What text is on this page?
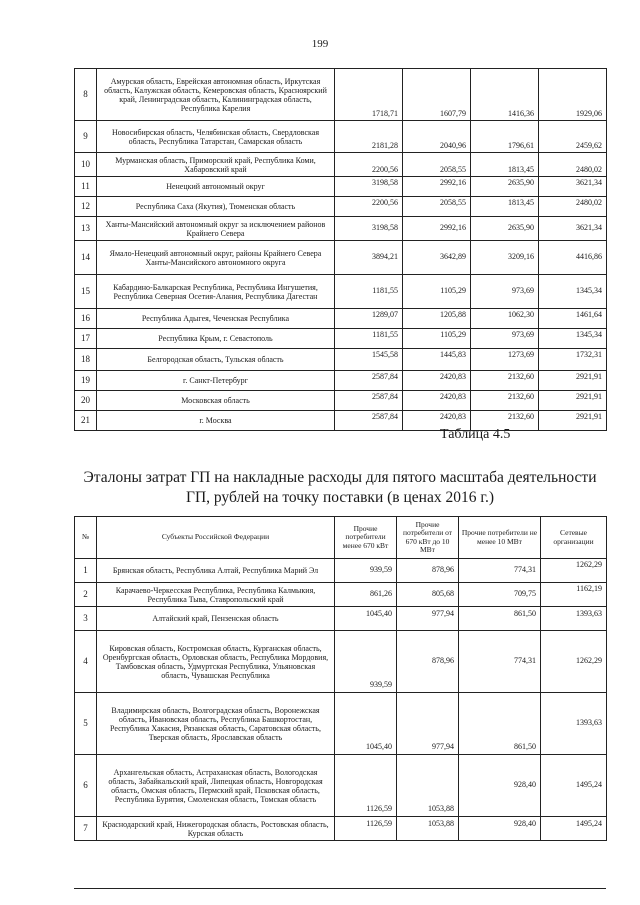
199
8	Амурская область, Еврейская автономная область, Иркутская область, Калужская область, Кемеровская область, Красноярский край, Ленинградская область, Калининградская область, Республика Карелия	1718,71	1607,79	1416,36	1929,06
9	Новосибирская область, Челябинская область, Свердловская область, Республика Татарстан, Самарская область	2181,28	2040,96	1796,61	2459,62
10	Мурманская область, Приморский край, Республика Коми, Хабаровский край	2200,56	2058,55	1813,45	2480,02
11	Ненецкий автономный округ	3198,58	2992,16	2635,90	3621,34
12	Республика Саха (Якутия), Тюменская область	2200,56	2058,55	1813,45	2480,02
13	Ханты-Мансийский автономный округ за исключением районов Крайнего Севера	3198,58	2992,16	2635,90	3621,34
14	Ямало-Ненецкий автономный округ, районы Крайнего Севера Ханты-Мансийского автономного округа	3894,21	3642,89	3209,16	4416,86
15	Кабардино-Балкарская Республика, Республика Ингушетия, Республика Северная Осетия-Алания, Республика Дагестан	1181,55	1105,29	973,69	1345,34
16	Республика Адыгея, Чеченская Республика	1289,07	1205,88	1062,30	1461,64
17	Республика Крым, г. Севастополь	1181,55	1105,29	973,69	1345,34
18	Белгородская область, Тульская область	1545,58	1445,83	1273,69	1732,31
19	г. Санкт-Петербург	2587,84	2420,83	2132,60	2921,91
20	Московская область	2587,84	2420,83	2132,60	2921,91
21	г. Москва	2587,84	2420,83	2132,60	2921,91
Таблица 4.5
Эталоны затрат ГП на накладные расходы для пятого масштаба деятельности ГП, рублей на точку поставки (в ценах 2016 г.)
№	Субъекты Российской Федерации	Прочие потребители менее 670 кВт	Прочие потребители от 670 кВт до 10 МВт	Прочие потребители не менее 10 МВт	Сетевые организации
1	Брянская область, Республика Алтай, Республика Марий Эл	939,59	878,96	774,31	1262,29
2	Карачаево-Черкесская Республика, Республика Калмыкия, Республика Тыва, Ставропольский край	861,26	805,68	709,75	1162,19
3	Алтайский край, Пензенская область	1045,40	977,94	861,50	1393,63
4	Кировская область, Костромская область, Курганская область, Оренбургская область, Орловская область, Республика Мордовия, Тамбовская область, Удмуртская Республика, Ульяновская область, Чувашская Республика	939,59	878,96	774,31	1262,29
5	Владимирская область, Волгоградская область, Воронежская область, Ивановская область, Республика Башкортостан, Республика Хакасия, Рязанская область, Саратовская область, Тверская область, Ярославская область	1045,40	977,94	861,50	1393,63
6	Архангельская область, Астраханская область, Вологодская область, Забайкальский край, Липецкая область, Новгородская область, Омская область, Пермский край, Псковская область, Республика Бурятия, Смоленская область, Томская область	1126,59	1053,88	928,40	1495,24
7	Краснодарский край, Нижегородская область, Ростовская область, Курская область	1126,59	1053,88	928,40	1495,24
